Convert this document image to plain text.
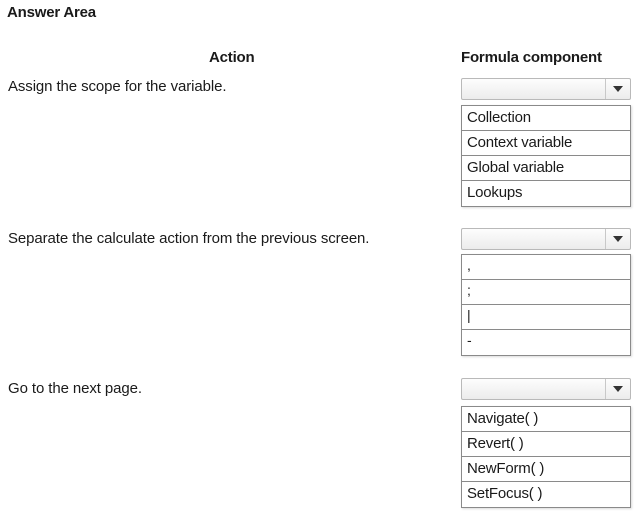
Answer Area
Action	Formula component
Assign the scope for the variable.
Collection
Context variable
Global variable
Lookups
Separate the calculate action from the previous screen.
,
;
|
-
Go to the next page.
Navigate( )
Revert( )
NewForm( )
SetFocus( )
